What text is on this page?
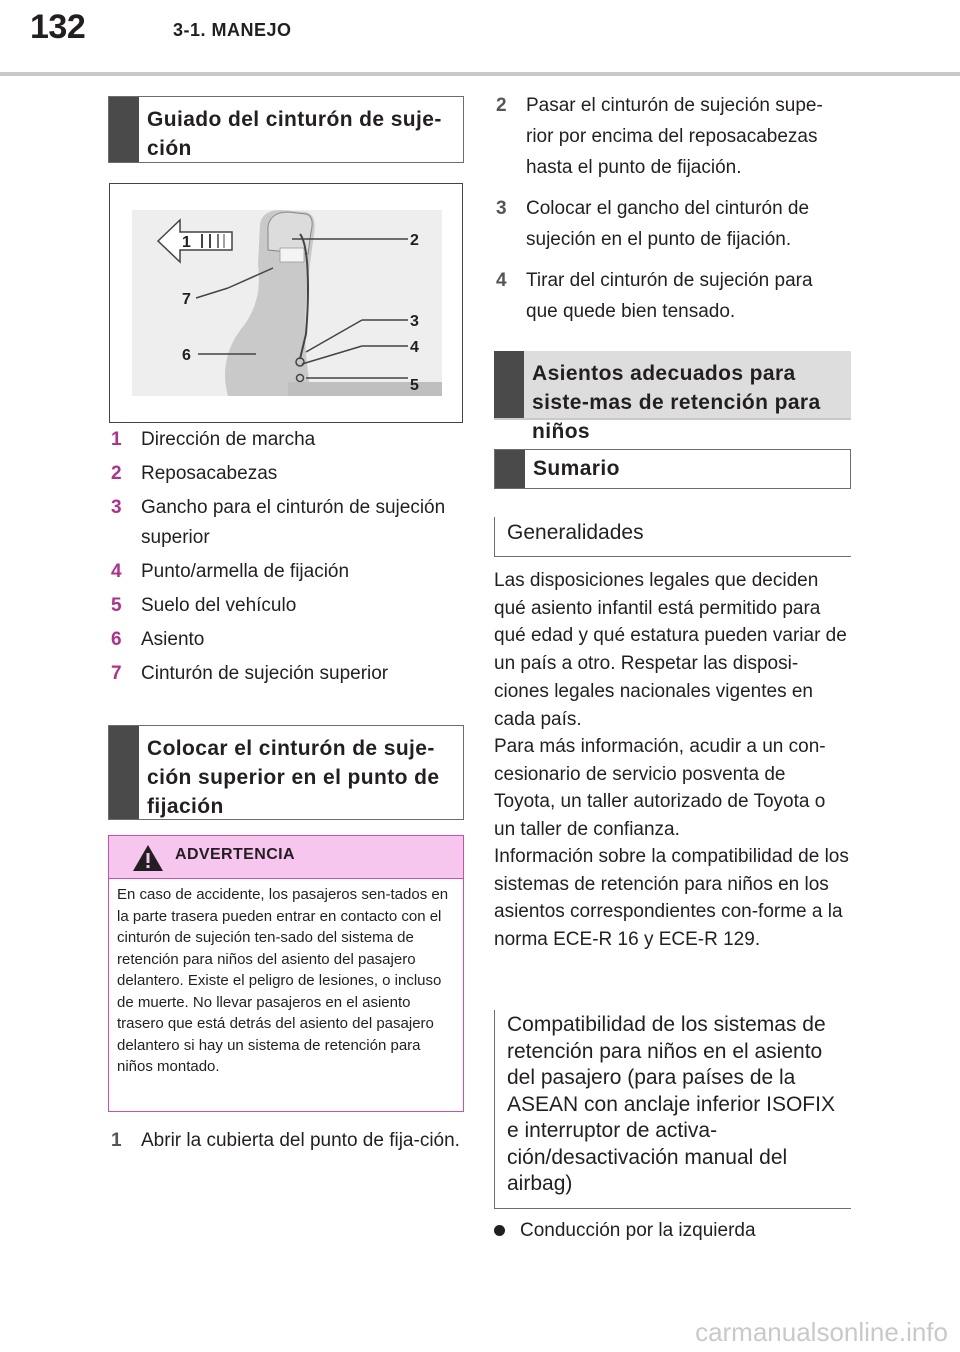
132	3-1. MANEJO
Guiado del cinturón de suje-ción
1	2
3
4
5
6
7
1 Dirección de marcha
2 Reposacabezas
3 Gancho para el cinturón de sujeción superior
4 Punto/armella de fijación
5 Suelo del vehículo
6 Asiento
7 Cinturón de sujeción superior
Colocar el cinturón de suje-ción superior en el punto de fijación
ADVERTENCIA
En caso de accidente, los pasajeros sen-tados en la parte trasera pueden entrar en contacto con el cinturón de sujeción ten-sado del sistema de retención para niños del asiento del pasajero delantero. Existe el peligro de lesiones, o incluso de muerte. No llevar pasajeros en el asiento trasero que está detrás del asiento del pasajero delantero si hay un sistema de retención para niños montado.
1 Abrir la cubierta del punto de fija-ción.
2 Pasar el cinturón de sujeción supe-rior por encima del reposacabezas hasta el punto de fijación.
3 Colocar el gancho del cinturón de sujeción en el punto de fijación.
4 Tirar del cinturón de sujeción para que quede bien tensado.
Asientos adecuados para siste-mas de retención para niños
Sumario
Generalidades
Las disposiciones legales que deciden qué asiento infantil está permitido para qué edad y qué estatura pueden variar de un país a otro. Respetar las disposi-ciones legales nacionales vigentes en cada país.
Para más información, acudir a un con-cesionario de servicio posventa de Toyota, un taller autorizado de Toyota o un taller de confianza.
Información sobre la compatibilidad de los sistemas de retención para niños en los asientos correspondientes con-forme a la norma ECE-R 16 y ECE-R 129.
Compatibilidad de los sistemas de retención para niños en el asiento del pasajero (para países de la ASEAN con anclaje inferior ISOFIX e interruptor de activa-ción/desactivación manual del airbag)
Conducción por la izquierda
carmanualsonline.info
